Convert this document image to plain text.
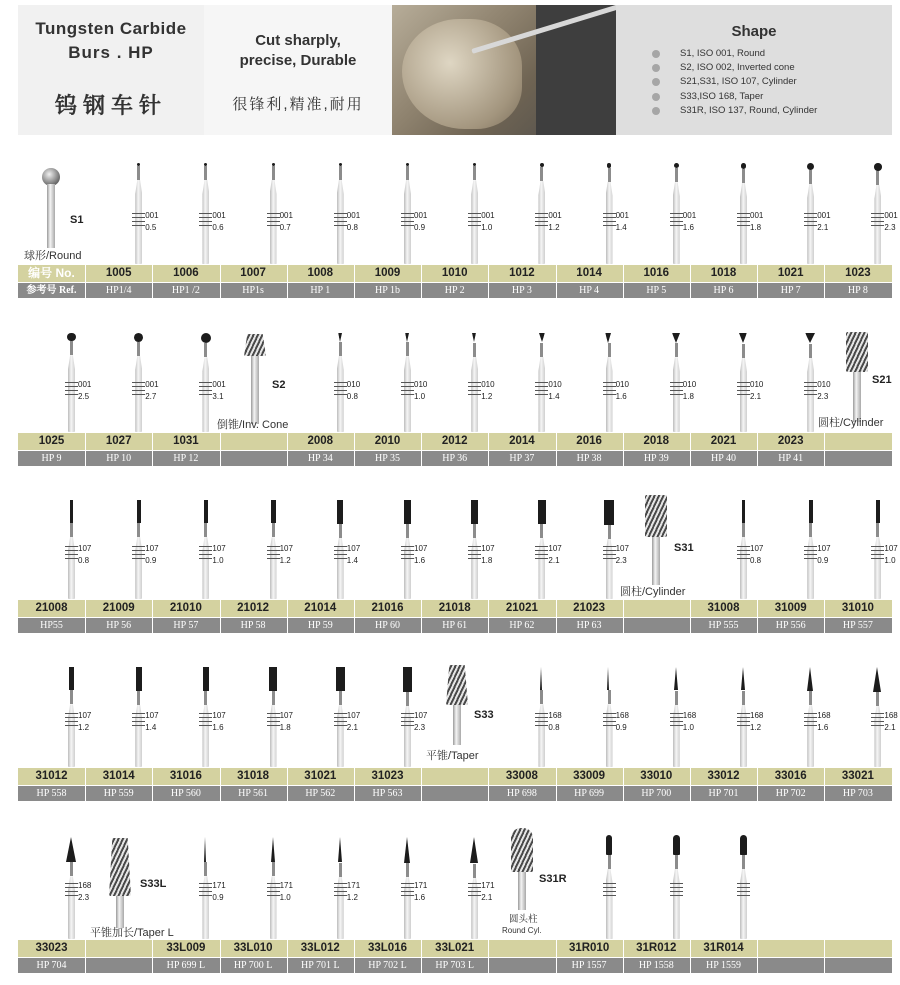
Tungsten Carbide
Burs . HP
钨钢车针
Cut sharply,
precise, Durable
很锋利,精准,耐用
Shape
S1, ISO 001, Round
S2, ISO 002, Inverted cone
S21,S31, ISO 107, Cylinder
S33,ISO 168, Taper
S31R, ISO 137, Round, Cylinder
S1
球形/Round
S2
倒锥/Inv. Cone
S21
圆柱/Cylinder
S31
圆柱/Cylinder
S33
平锥/Taper
S33L
平锥加长/Taper L
S31R
圆头柱
Round Cyl.
编号 No.	1005	1006	1007	1008	1009	1010	1012	1014	1016	1018	1021	1023
参考号 Ref.	HP1/4	HP1 /2	HP1s	HP 1	HP 1b	HP 2	HP 3	HP 4	HP 5	HP 6	HP 7	HP 8
1025	1027	1031	2008	2010	2012	2014	2016	2018	2021	2023
HP 9	HP 10	HP 12	HP 34	HP 35	HP 36	HP 37	HP 38	HP 39	HP 40	HP 41
21008	21009	21010	21012	21014	21016	21018	21021	21023	31008	31009	31010
HP55	HP 56	HP 57	HP 58	HP 59	HP 60	HP 61	HP 62	HP 63	HP 555	HP 556	HP 557
31012	31014	31016	31018	31021	31023	33008	33009	33010	33012	33016	33021
HP 558	HP 559	HP 560	HP 561	HP 562	HP 563	HP 698	HP 699	HP 700	HP 701	HP 702	HP 703
33023	33L009	33L010	33L012	33L016	33L021	31R010	31R012	31R014
HP 704	HP 699 L	HP 700 L	HP 701 L	HP 702 L	HP 703 L	HP 1557	HP 1558	HP 1559
001
0.5
001
0.6
001
0.7
001
0.8
001
0.9
001
1.0
001
1.2
001
1.4
001
1.6
001
1.8
001
2.1
001
2.3
001
2.5
001
2.7
001
3.1
010
0.8
010
1.0
010
1.2
010
1.4
010
1.6
010
1.8
010
2.1
010
2.3
107
0.8
107
0.9
107
1.0
107
1.2
107
1.4
107
1.6
107
1.8
107
2.1
107
2.3
107
0.8
107
0.9
107
1.0
107
1.2
107
1.4
107
1.6
107
1.8
107
2.1
107
2.3
168
0.8
168
0.9
168
1.0
168
1.2
168
1.6
168
2.1
168
2.3
171
0.9
171
1.0
171
1.2
171
1.6
171
2.1
